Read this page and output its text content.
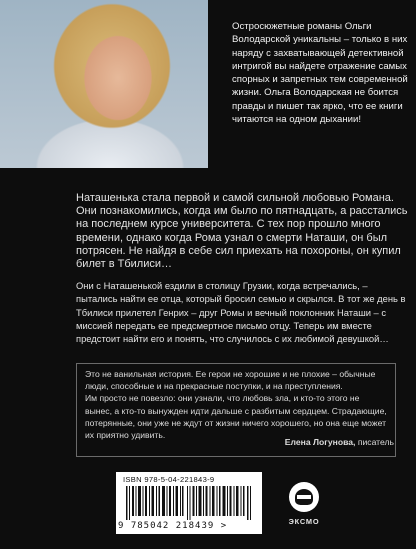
Остросюжетные романы Ольги Володарской уникальны – только в них наряду с захватывающей детективной интригой вы найдете отражение самых спорных и запретных тем современной жизни. Ольга Володарская не боится правды и пишет так ярко, что ее книги читаются на одном дыхании!

Наташенька стала первой и самой сильной любовью Романа. Они познакомились, когда им было по пятнадцать, а расстались на последнем курсе университета. С тех пор прошло много времени, однако когда Рома узнал о смерти Наташи, он был потрясен. Не найдя в себе сил приехать на похороны, он купил билет в Тбилиси…

Они с Наташенькой ездили в столицу Грузии, когда встречались, – пытались найти ее отца, который бросил семью и скрылся. В тот же день в Тбилиси прилетел Генрих – друг Ромы и вечный поклонник Наташи – с миссией передать ее предсмертное письмо отцу. Теперь им вместе предстоит найти его и понять, что случилось с их любимой девушкой…

Это не ванильная история. Ее герои не хорошие и не плохие – обычные люди, способные и на прекрасные поступки, и на преступления.

Им просто не повезло: они узнали, что любовь зла, и кто-то этого не вынес, а кто-то вынужден идти дальше с разбитым сердцем. Страдающие, потерянные, они уже не ждут от жизни ничего хорошего, но она еще может их приятно удивить.

Елена Логунова, писатель
ISBN 978-5-04-221843-9
9 785042 218439 >	ЭКСМО
